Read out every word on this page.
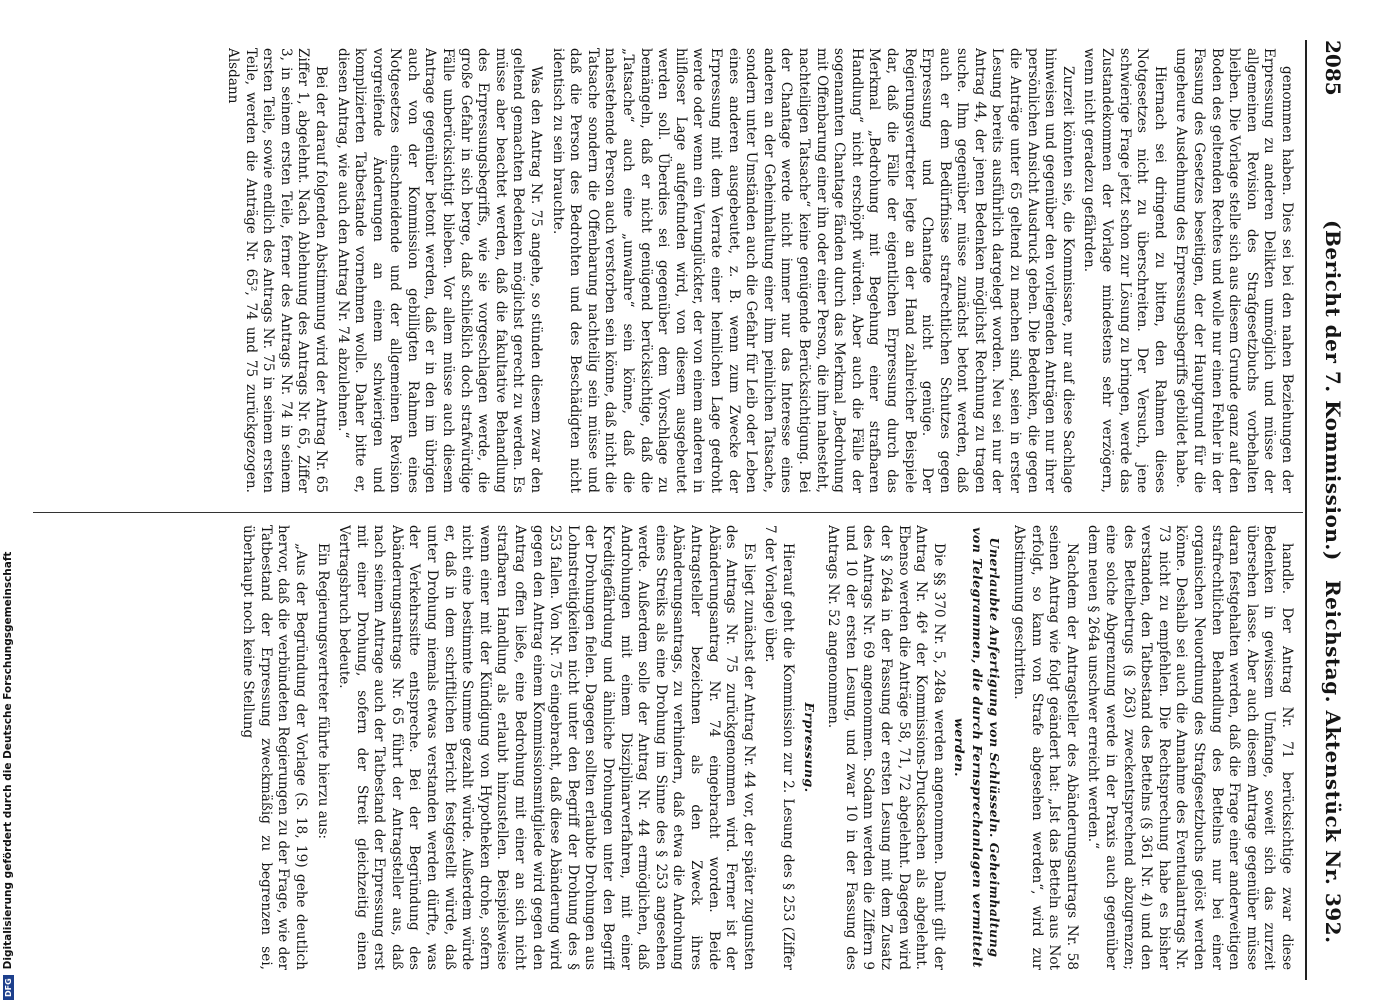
2085
(Bericht der 7. Kommission.)
Reichstag. Aktenstück Nr. 392.

genommen haben. Dies sei bei den nahen Beziehungen der Erpressung zu anderen Delikten unmöglich und müsse der allgemeinen Revision des Strafgesetzbuchs vorbehalten bleiben. Die Vorlage stelle sich aus diesem Grunde ganz auf den Boden des geltenden Rechtes und wolle nur einen Fehler in der Fassung des Gesetzes beseitigen, der der Hauptgrund für die ungeheure Ausdehnung des Erpressungsbegriffs gebildet habe.

Hiernach sei dringend zu bitten, den Rahmen dieses Notgesetzes nicht zu überschreiten. Der Versuch, jene schwierige Frage jetzt schon zur Lösung zu bringen, werde das Zustandekommen der Vorlage mindestens sehr verzögern, wenn nicht geradezu gefährden.

Zurzeit könnten sie, die Kommissare, nur auf diese Sachlage hinweisen und gegenüber den vorliegenden Anträgen nur ihrer persönlichen Ansicht Ausdruck geben. Die Bedenken, die gegen die Anträge unter 65 geltend zu machen sind, seien in erster Lesung bereits ausführlich dargelegt worden. Neu sei nur der Antrag 44, der jenen Bedenken möglichst Rechnung zu tragen suche. Ihm gegenüber müsse zunächst betont werden, daß auch er dem Bedürfnisse strafrechtlichen Schutzes gegen Erpressung und Chantage nicht genüge. Der Regierungsvertreter legte an der Hand zahlreicher Beispiele dar, daß die Fälle der eigentlichen Erpressung durch das Merkmal „Bedrohung mit Begehung einer strafbaren Handlung“ nicht erschöpft würden. Aber auch die Fälle der sogenannten Chantage fänden durch das Merkmal „Bedrohung mit Offenbarung einer ihn oder einer Person, die ihm nahesteht, nachteiligen Tatsache“ keine genügende Berücksichtigung. Bei der Chantage werde nicht immer nur das Interesse eines anderen an der Geheimhaltung einer ihm peinlichen Tatsache, sondern unter Umständen auch die Gefahr für Leib oder Leben eines anderen ausgebeutet, z. B. wenn zum Zwecke der Erpressung mit dem Verrate einer heimlichen Lage gedroht werde oder wenn ein Verunglückter, der von einem anderen in hilfloser Lage aufgefunden wird, von diesem ausgebeutet werden soll. Überdies sei gegenüber dem Vorschlage zu bemängeln, daß er nicht genügend berücksichtige, daß die „Tatsache“ auch eine „unwahre“ sein könne, daß die nahestehende Person auch verstorben sein könne, daß nicht die Tatsache sondern die Offenbarung nachteilig sein müsse und daß die Person des Bedrohten und des Beschädigten nicht identisch zu sein brauchte.

Was den Antrag Nr. 75 angehe, so stünden diesem zwar den geltend gemachten Bedenken möglichst gerecht zu werden. Es müsse aber beachtet werden, daß die fakultative Behandlung des Erpressungsbegriffs, wie sie vorgeschlagen werde, die große Gefahr in sich berge, daß schließlich doch strafwürdige Fälle unberücksichtigt blieben. Vor allem müsse auch diesem Antrage gegenüber betont werden, daß er in den im übrigen auch von der Kommission gebilligten Rahmen eines Notgesetzes einschneidende und der allgemeinen Revision vorgreifende Änderungen an einem schwierigen und komplizierten Tatbestande vornehmen wolle. Daher bitte er, diesen Antrag, wie auch den Antrag Nr. 74 abzulehnen.“

Bei der darauf folgenden Abstimmung wird der Antrag Nr. 65 Ziffer 1, abgelehnt. Nach Ablehnung des Antrags Nr. 65, Ziffer 3, in seinem ersten Teile, ferner des Antrags Nr. 74 in seinem ersten Teile, sowie endlich des Antrags Nr. 75 in seinem ersten Teile, werden die Anträge Nr. 65², 74 und 75 zurückgezogen. Alsdann

handle. Der Antrag Nr. 71 berücksichtige zwar diese Bedenken in gewissem Umfange, soweit sich das zurzeit übersehen lasse. Aber auch diesem Antrage gegenüber müsse daran festgehalten werden, daß die Frage einer anderweitigen strafrechtlichen Behandlung des Bettelns nur bei einer organischen Neuordnung des Strafgesetzbuchs gelöst werden könne. Deshalb sei auch die Annahme des Eventualantrags Nr. 73 nicht zu empfehlen. Die Rechtsprechung habe es bisher verstanden, den Tatbestand des Bettelns (§ 361 Nr. 4) und den des Bettelbetrugs (§ 263) zweckentsprechend abzugrenzen; eine solche Abgrenzung werde in der Praxis auch gegenüber dem neuen § 264a unschwer erreicht werden.“

Nachdem der Antragsteller des Abänderungsantrags Nr. 58 seinen Antrag wie folgt geändert hat: „Ist das Betteln aus Not erfolgt, so kann von Strafe abgesehen werden“, wird zur Abstimmung geschritten.

Unerlaubte Anfertigung von Schlüsseln. Geheimhaltung von Telegrammen, die durch Fernsprechanlagen vermittelt werden.

Die §§ 370 Nr. 5, 248a werden angenommen. Damit gilt der Antrag Nr. 46⁴ der Kommissions-Drucksachen als abgelehnt. Ebenso werden die Anträge 58, 71, 72 abgelehnt. Dagegen wird der § 264a in der Fassung der ersten Lesung mit dem Zusatz des Antrags Nr. 69 angenommen. Sodann werden die Ziffern 9 und 10 der ersten Lesung, und zwar 10 in der Fassung des Antrags Nr. 52 angenommen.

Erpressung.

Hierauf geht die Kommission zur 2. Lesung des § 253 (Ziffer 7 der Vorlage) über.

Es liegt zunächst der Antrag Nr. 44 vor, der später zugunsten des Antrags Nr. 75 zurückgenommen wird. Ferner ist der Abänderungsantrag Nr. 74 eingebracht worden. Beide Antragsteller bezeichnen als den Zweck ihres Abänderungsantrags, zu verhindern, daß etwa die Androhung eines Streiks als eine Drohung im Sinne des § 253 angesehen werde. Außerdem solle der Antrag Nr. 44 ermöglichen, daß Androhungen mit einem Disziplinarverfahren, mit einer Kreditgefährdung und ähnliche Drohungen unter den Begriff der Drohungen fielen. Dagegen sollten erlaubte Drohungen aus Lohnstreitigkeiten nicht unter den Begriff der Drohung des § 253 fallen. Von Nr. 75 eingebracht, daß diese Abänderung wird gegen den Antrag einem Kommissionsmitgliede wird gegen den Antrag offen ließe, eine Bedrohung mit einer an sich nicht strafbaren Handlung als erlaubt hinzustellen. Beispielsweise wenn einer mit der Kündigung von Hypotheken drohe, sofern nicht eine bestimmte Summe gezahlt würde. Außerdem würde er, daß in dem schriftlichen Bericht festgestellt würde, daß unter Drohung niemals etwas verstanden werden dürfte, was der Verkehrssitte entspreche. Bei der Begründung des Abänderungsantrags Nr. 65 führt der Antragsteller aus, daß nach seinem Antrage auch der Tatbestand der Erpressung erst mit einer Drohung, sofern der Streit gleichzeitig einen Vertragsbruch bedeute.

Ein Regierungsvertreter führte hierzu aus:

„Aus der Begründung der Vorlage (S. 18, 19) gehe deutlich hervor, daß die verbündeten Regierungen zu der Frage, wie der Tatbestand der Erpressung zweckmäßig zu begrenzen sei, überhaupt noch keine Stellung

DFGDigitalisierung gefördert durch die Deutsche Forschungsgemeinschaft
